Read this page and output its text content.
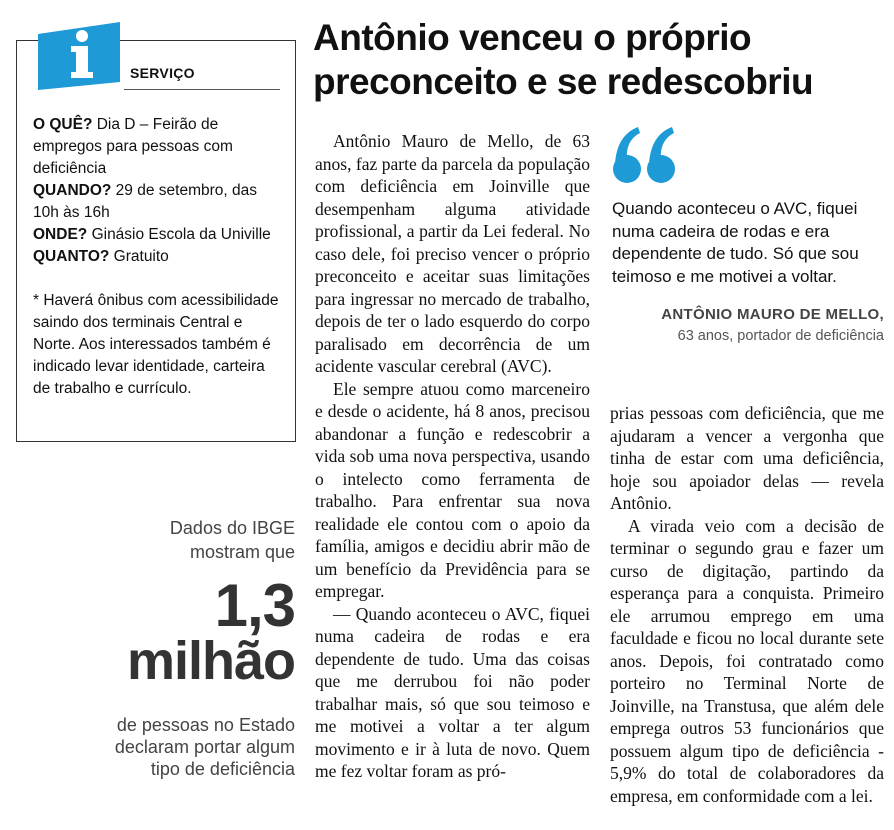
SERVIÇO

O QUÊ? Dia D – Feirão de empregos para pessoas com deficiência

QUANDO? 29 de setembro, das 10h às 16h

ONDE? Ginásio Escola da Univille

QUANTO? Gratuito

* Haverá ônibus com acessibilidade saindo dos terminais Central e Norte. Aos interessados também é indicado levar identidade, carteira de trabalho e currículo.

Dados do IBGE mostram que
1,3
milhão
de pessoas no Estado declaram portar algum tipo de deficiência
Antônio venceu o próprio preconceito e se redescobriu

Antônio Mauro de Mello, de 63 anos, faz parte da parcela da população com deficiência em Joinville que desempenham alguma atividade profissional, a partir da Lei federal. No caso dele, foi preciso vencer o próprio preconceito e aceitar suas limitações para ingressar no mercado de trabalho, depois de ter o lado esquerdo do corpo paralisado em decorrência de um acidente vascular cerebral (AVC).

Ele sempre atuou como marceneiro e desde o acidente, há 8 anos, precisou abandonar a função e redescobrir a vida sob uma nova perspectiva, usando o intelecto como ferramenta de trabalho. Para enfrentar sua nova realidade ele contou com o apoio da família, amigos e decidiu abrir mão de um benefício da Previdência para se empregar.

— Quando aconteceu o AVC, fiquei numa cadeira de rodas e era dependente de tudo. Uma das coisas que me derrubou foi não poder trabalhar mais, só que sou teimoso e me motivei a voltar a ter algum movimento e ir à luta de novo. Quem me fez voltar foram as pró-

Quando aconteceu o AVC, fiquei numa cadeira de rodas e era dependente de tudo. Só que sou teimoso e me motivei a voltar.
ANTÔNIO MAURO DE MELLO,
63 anos, portador de deficiência

prias pessoas com deficiência, que me ajudaram a vencer a vergonha que tinha de estar com uma deficiência, hoje sou apoiador delas — revela Antônio.

A virada veio com a decisão de terminar o segundo grau e fazer um curso de digitação, partindo da esperança para a conquista. Primeiro ele arrumou emprego em uma faculdade e ficou no local durante sete anos. Depois, foi contratado como porteiro no Terminal Norte de Joinville, na Transtusa, que além dele emprega outros 53 funcionários que possuem algum tipo de deficiência - 5,9% do total de colaboradores da empresa, em conformidade com a lei.
